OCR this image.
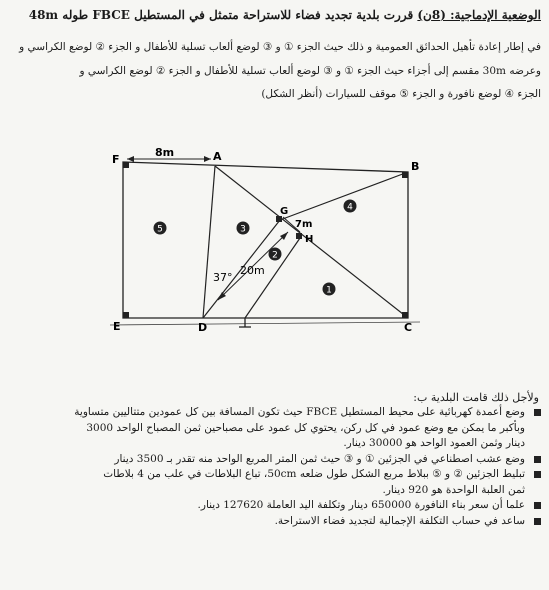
الوضعية الإدماجية: (8ن) قررت بلدية تجديد فضاء للاستراحة متمثل في المستطيل FBCE طوله 48m
في إطار إعادة تأهيل الحدائق العمومية و ذلك حيث الجزء ① و ③ لوضع ألعاب تسلية للأطفال و الجزء ② لوضع الكراسي و
وعرضه 30m مقسم إلى أجزاء حيث الجزء ① و ③ لوضع ألعاب تسلية للأطفال و الجزء ② لوضع الكراسي و
الجزء ④ لوضع نافورة و الجزء ⑤ موقف للسيارات (أنظر الشكل)
F	A
B
G
H
E	D	C
8m
7m
20m
37°
5	3
2
4
1
ولأجل ذلك قامت البلدية ب:
وضع أعمدة كهربائية على محيط المستطيل FBCE حيث تكون المسافة بين كل عمودين متتاليين متساوية
وبأكبر ما يمكن مع وضع عمود في كل ركن، يحتوي كل عمود على مصباحين ثمن المصباح الواحد 3000
دينار وثمن العمود الواحد هو 30000 دينار.
وضع عشب اصطناعي في الجزئين ① و ③ حيث ثمن المتر المربع الواحد منه تقدر بـ 3500 دينار
تبليط الجزئين ② و ⑤ ببلاط مربع الشكل طول ضلعه 50cm، تباع البلاطات في علب من 4 بلاطات
ثمن العلبة الواحدة هو 920 دينار.
علما أن سعر بناء النافورة 650000 دينار وتكلفة اليد العاملة 127620 دينار.
ساعد في حساب التكلفة الإجمالية لتجديد فضاء الاستراحة.
